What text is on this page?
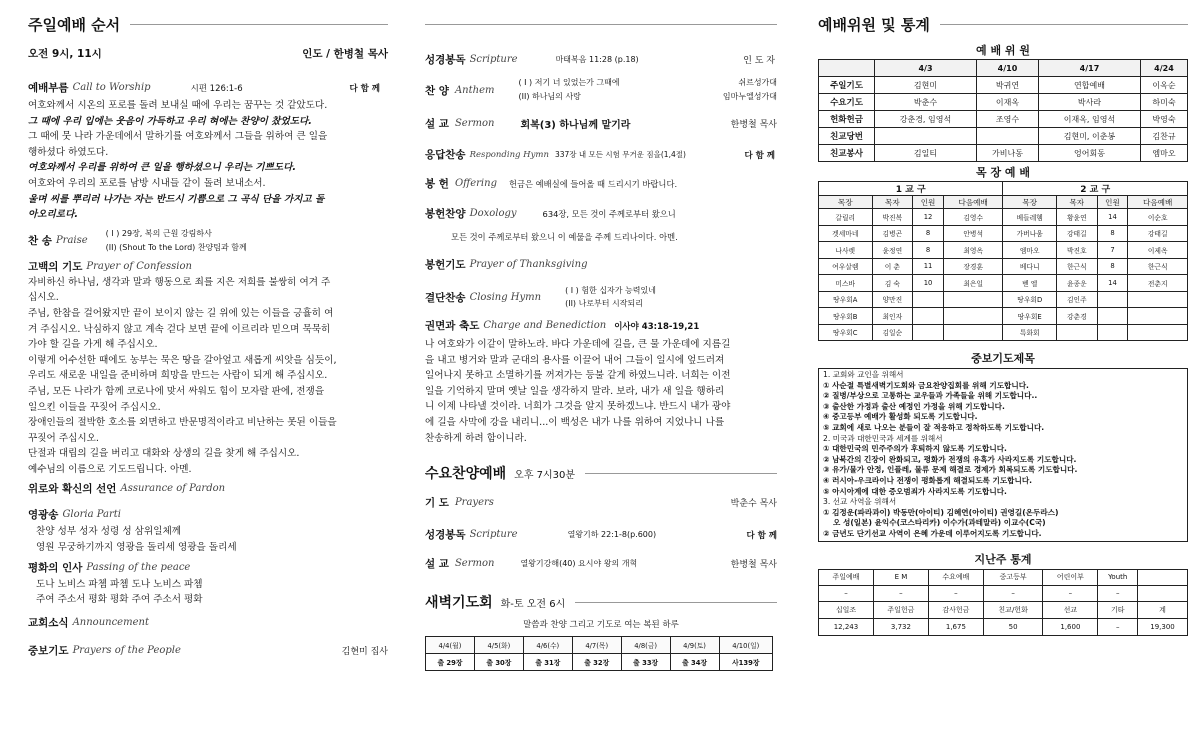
주일예배 순서
오전 9시, 11시	인도 / 한병철 목사
예배부름 Call to Worship	시편 126:1-6	다 함 께
여호와께서 시온의 포로를 돌려 보내실 때에 우리는 꿈꾸는 것 같았도다.
그 때에 우리 입에는 웃음이 가득하고 우리 혀에는 찬양이 찼었도다.
그 때에 뭇 나라 가운데에서 말하기를 여호와께서 그들을 위하여 큰 일을
행하셨다 하였도다.
여호와께서 우리를 위하여 큰 일을 행하셨으니 우리는 기쁘도다.
여호와여 우리의 포로를 남방 시내들 같이 돌려 보내소서.
울며 씨를 뿌리러 나가는 자는 반드시 기쁨으로 그 곡식 단을 가지고 돌
아오리로다.
찬 송 Praise
( I ) 29장, 복의 근원 강림하사
(II) (Shout To the Lord) 찬양팀과 함께
고백의 기도 Prayer of Confession
자비하신 하나님, 생각과 말과 행동으로 죄를 지은 저희를 불쌍히 여겨 주
십시오.
주님, 한참을 걸어왔지만 끝이 보이지 않는 길 위에 있는 이들을 긍휼히 여
겨 주십시오. 낙심하지 않고 계속 걷다 보면 끝에 이르리라 믿으며 묵묵히
가야 할 길을 가게 해 주십시오.
이렇게 어수선한 때에도 농부는 묵은 땅을 갈아엎고 새롭게 씨앗을 심듯이,
우리도 새로운 내일을 준비하며 희망을 만드는 사람이 되게 해 주십시오.
주님, 모든 나라가 함께 코로나에 맞서 싸워도 힘이 모자랄 판에, 전쟁을
일으킨 이들을 꾸짖어 주십시오.
장애인들의 절박한 호소를 외면하고 반문명적이라고 비난하는 못된 이들을
꾸짖어 주십시오.
단절과 대립의 길을 버리고 대화와 상생의 길을 찾게 해 주십시오.
예수님의 이름으로 기도드립니다. 아멘.
위로와 확신의 선언 Assurance of Pardon
영광송 Gloria Parti
찬양 성부 성자 성령 성 삼위일체께
영원 무궁하기까지 영광을 돌리세 영광을 돌리세
평화의 인사 Passing of the peace
도나 노비스 파쳄 파쳄 도나 노비스 파쳄
주여 주소서 평화 평화 주여 주소서 평화
교회소식 Announcement
중보기도 Prayers of the People	김현미 집사
성경봉독 Scripture	마태복음 11:28 (p.18)	인 도 자
찬 양 Anthem
( I ) 저기 너 있었는가 그때에	쉬르성가대
(II) 하나님의 사랑	임마누엘성가대
설 교 Sermon	회복(3) 하나님께 맡기라	한병철 목사
응답찬송 Responding Hymn 337장 내 모든 시험 무거운 짐을(1,4절)	다 함 께
봉 헌 Offering 헌금은 예배실에 들어올 때 드리시기 바랍니다.
봉헌찬양 Doxology	634장, 모든 것이 주께로부터 왔으니
모든 것이 주께로부터 왔으니 이 예물을 주께 드리나이다. 아멘.
봉헌기도 Prayer of Thanksgiving
결단찬송 Closing Hymn
( I ) 험한 십자가 능력있네
(II) 나로부터 시작되리
권면과 축도 Charge and Benediction 이사야 43:18-19,21
나 여호와가 이같이 말하노라. 바다 가운데에 길을, 큰 물 가운데에 지름길
을 내고 병거와 말과 군대의 용사를 이끌어 내어 그들이 일시에 엎드러져
일어나지 못하고 소멸하기를 꺼져가는 등불 같게 하였느니라. 너희는 이전
일을 기억하지 말며 옛날 일을 생각하지 말라. 보라, 내가 새 일을 행하리
니 이제 나타낼 것이라. 너희가 그것을 알지 못하겠느냐. 반드시 내가 광야
에 길을 사막에 강을 내리니...이 백성은 내가 나를 위하여 지었나니 나를
찬송하게 하려 함이니라.
수요찬양예배 오후 7시30분
기 도 Prayers	박춘수 목사
성경봉독 Scripture	열왕기하 22:1-8(p.600)	다 함 께
설 교 Sermon	열왕기강해(40) 요시야 왕의 개혁	한병철 목사
새벽기도회 화-토 오전 6시
말씀과 찬양 그리고 기도로 여는 복된 하루
4/4(월)	4/5(화)	4/6(수)	4/7(목)	4/8(금)	4/9(토)	4/10(일)
출 29장	출 30장	출 31장	출 32장	출 33장	출 34장	사139장
예배위원 및 통계
예 배 위 원
	4/3	4/10	4/17	4/24
주일기도	김현미	박귀연	연합예배	이옥순
수요기도	박춘수	이재옥	박사라	하미숙
헌화헌금	강춘경, 임영석	조영수	이재옥, 임영석	박영숙
친교당번			김현미, 이춘봉	김찬규
친교봉사	김일티	가비나동	엉어회동	엠마오
목 장 예 배
1 교 구				2 교 구			
목장	목자	인원	다음예배	목장	목자	인원	다음예배
갈릴리	박진복	12	김영수	베들레헴	황윤연	14	이순호
겟세마네	김병곤	8	안병석	가버나움	강태길	8	강태길
나사렛	윤정연	8	최영옥	엠마오	박진호	7	이제옥
여우살렘	이 춘	11	장경훈	베다니	한근식	8	한근식
미스바	김 숙	10	최은일	벧 엘	윤종운	14	전춘지
땅우회A	양만진			땅우회D	김인주		
땅우회B	최인자			땅우회E	강춘경		
땅우회C	김일순			특화회			
중보기도제목
1. 교회와 교인을 위해서
① 사순절 특별새벽기도회와 금요찬양집회를 위해 기도합니다.
② 질병/부상으로 고통하는 교우들과 가족들을 위해 기도합니다..
③ 출산한 가정과 출산 예정인 가정을 위해 기도합니다.
④ 중고등부 예배가 활성화 되도록 기도합니다.
⑤ 교회에 새로 나오는 분들이 잘 적응하고 정착하도록 기도합니다.
2. 미국과 대한민국과 세계를 위해서
① 대한민국의 민주주의가 후퇴하지 않도록 기도합니다.
② 남북간의 긴장이 완화되고, 평화가 전쟁의 유혹가 사라지도록 기도합니다.
③ 유가/물가 안정, 인플레, 물류 문제 해결로 경제가 회복되도록 기도합니다.
④ 러시아-우크라이나 전쟁이 평화롭게 해결되도록 기도합니다.
⑤ 아시아계에 대한 증오범죄가 사라지도록 기도합니다.
3. 선교 사역을 위해서
① 김정운(파라과이) 박동만(아이티) 김혜연(아이티) 권영길(온두라스)
오 성(일본) 윤익수(코스타리카) 이수가(과테말라) 이교수(C국)
② 금년도 단기선교 사역이 은혜 가운데 이루어지도록 기도합니다.
지난주 통계
주일예배	E M	수요예배	중고등부	어린이부	Youth	
–	–	–	–	–	–	
십일조	주일헌금	감사헌금	친교/헌화	선교	기타	계
12,243	3,732	1,675	50	1,600	–	19,300
